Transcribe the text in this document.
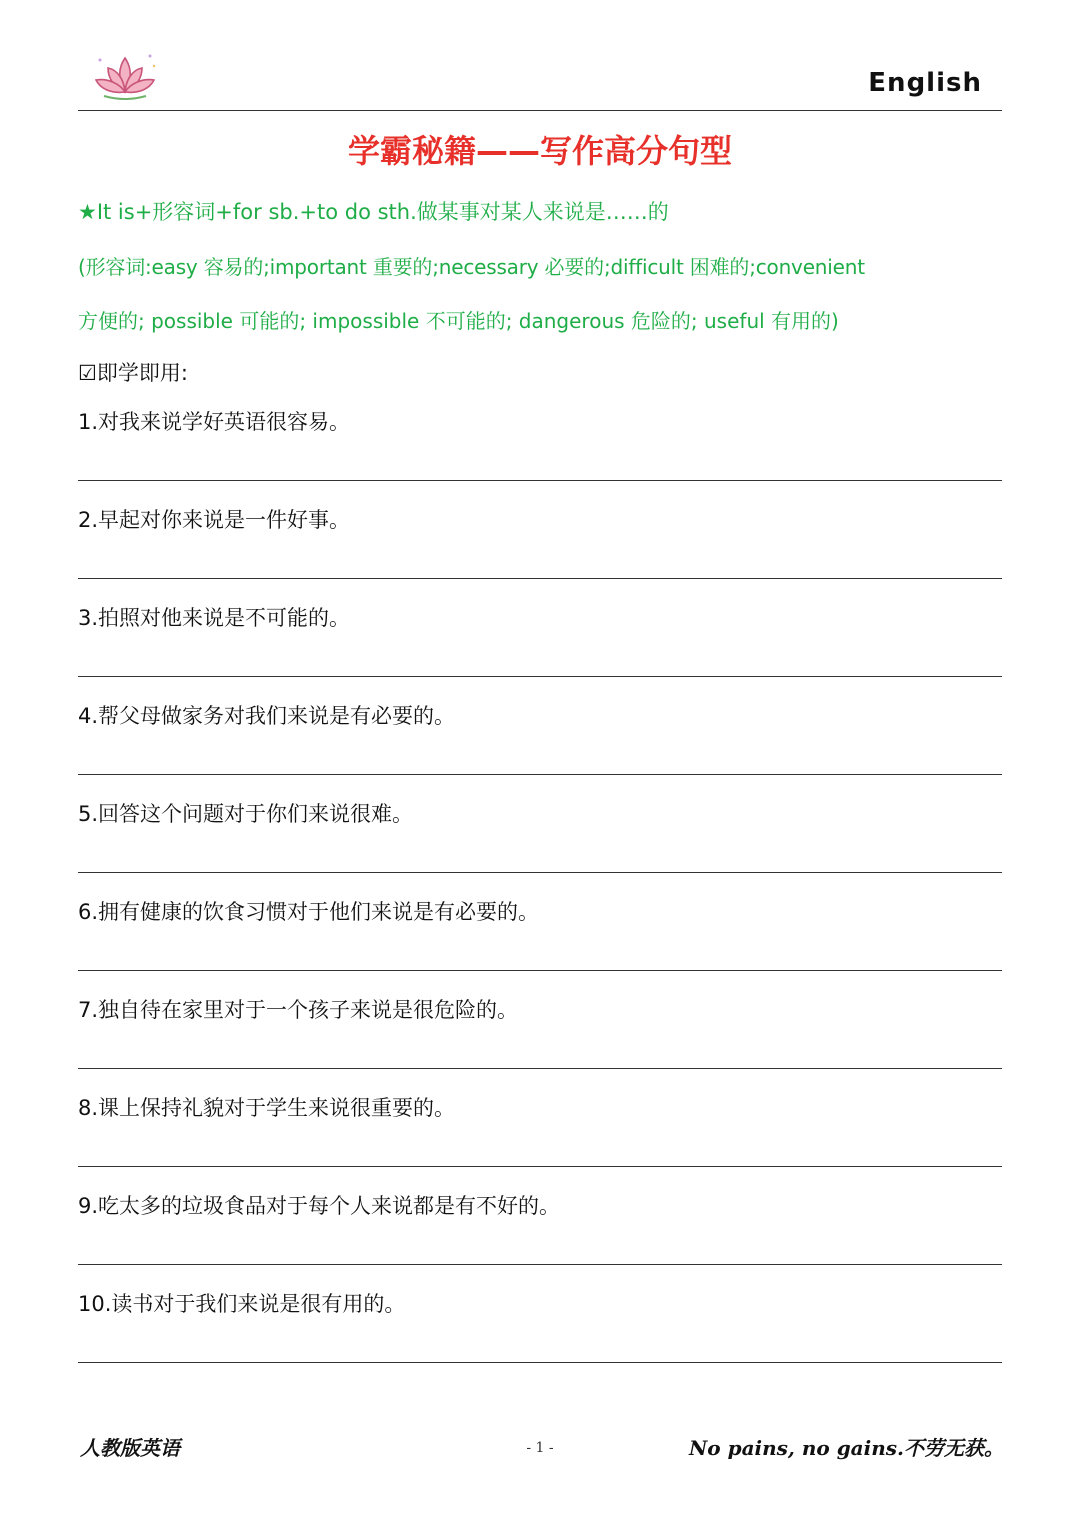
English
学霸秘籍——写作高分句型
★It is+形容词+for sb.+to do sth.做某事对某人来说是……的
(形容词:easy 容易的;important 重要的;necessary 必要的;difficult 困难的;convenient
方便的; possible 可能的; impossible 不可能的; dangerous 危险的; useful 有用的)
☑即学即用:
1.对我来说学好英语很容易。
2.早起对你来说是一件好事。
3.拍照对他来说是不可能的。
4.帮父母做家务对我们来说是有必要的。
5.回答这个问题对于你们来说很难。
6.拥有健康的饮食习惯对于他们来说是有必要的。
7.独自待在家里对于一个孩子来说是很危险的。
8.课上保持礼貌对于学生来说很重要的。
9.吃太多的垃圾食品对于每个人来说都是有不好的。
10.读书对于我们来说是很有用的。
人教版英语	- 1 -	No pains, no gains.不劳无获。
